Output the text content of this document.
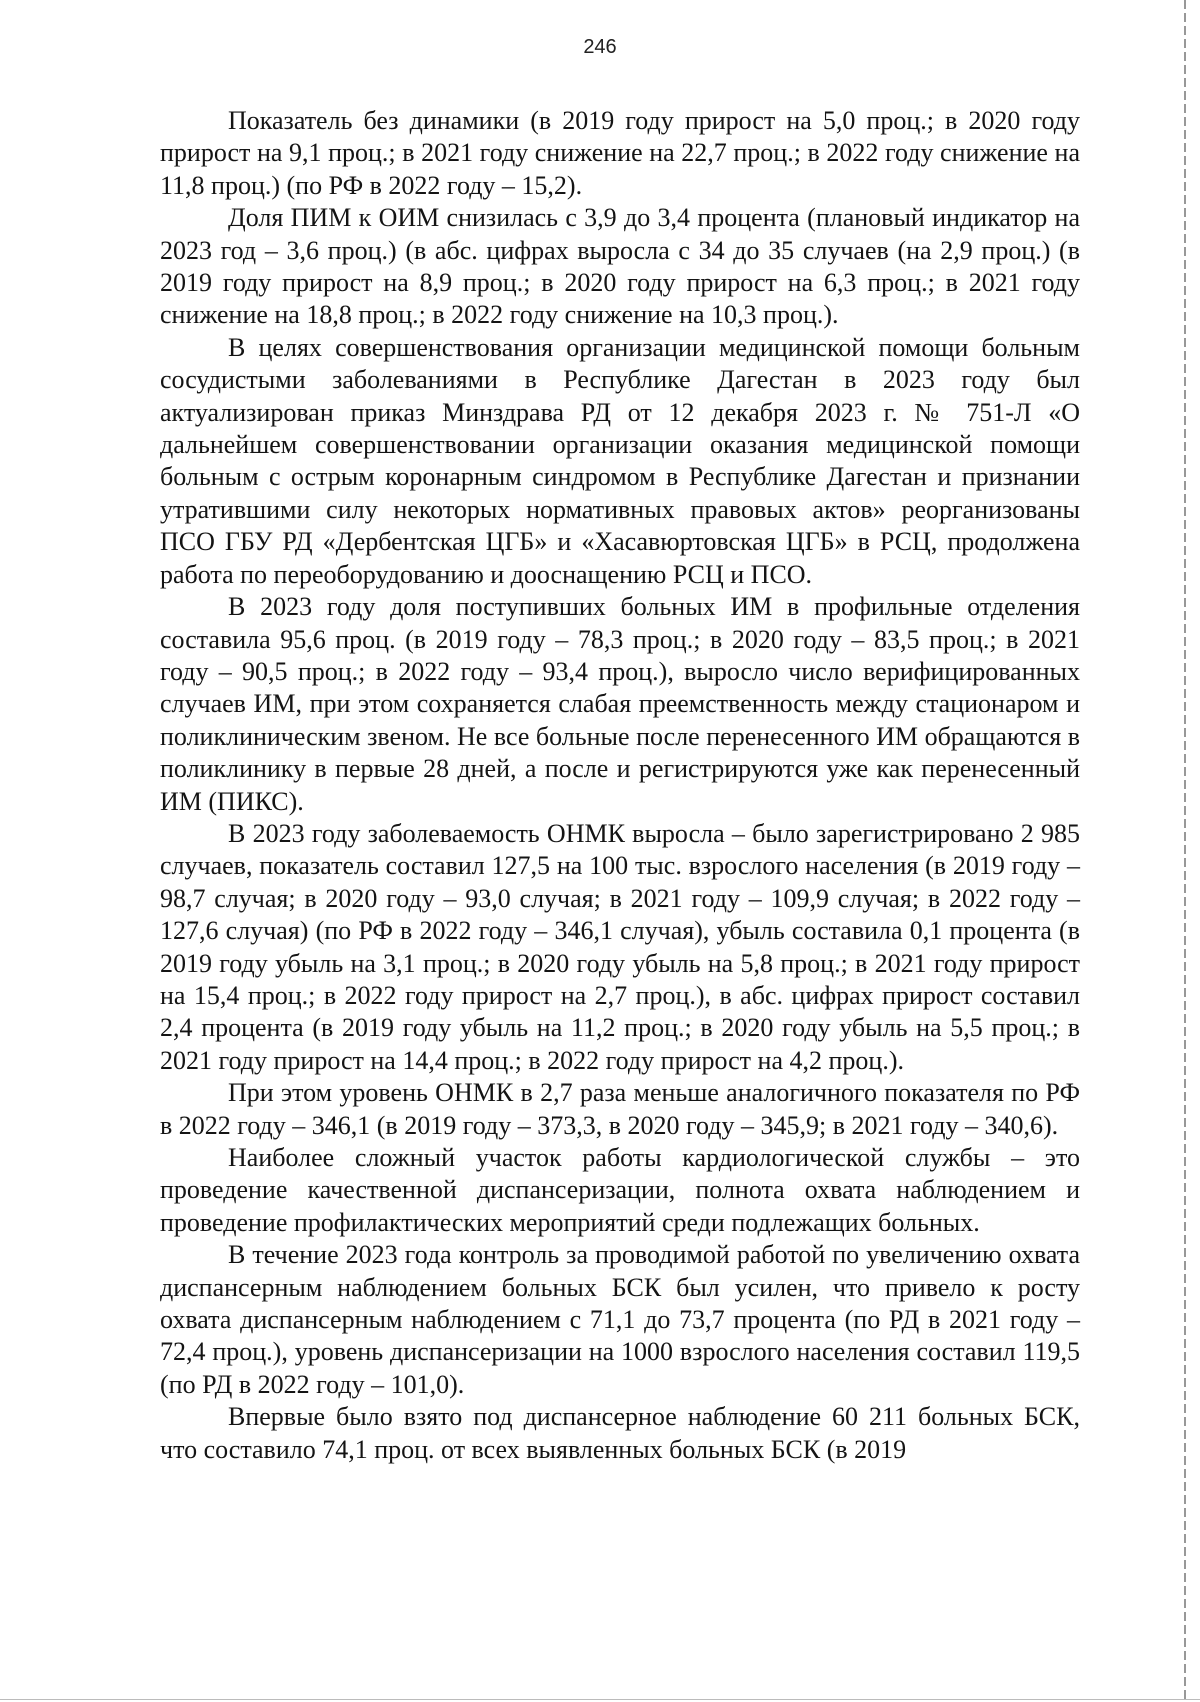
246

Показатель без динамики (в 2019 году прирост на 5,0 проц.; в 2020 году прирост на 9,1 проц.; в 2021 году снижение на 22,7 проц.; в 2022 году снижение на 11,8 проц.) (по РФ в 2022 году – 15,2).

Доля ПИМ к ОИМ снизилась с 3,9 до 3,4 процента (плановый индикатор на 2023 год – 3,6 проц.) (в абс. цифрах выросла с 34 до 35 случаев (на 2,9 проц.) (в 2019 году прирост на 8,9 проц.; в 2020 году прирост на 6,3 проц.; в 2021 году снижение на 18,8 проц.; в 2022 году снижение на 10,3 проц.).

В целях совершенствования организации медицинской помощи больным сосудистыми заболеваниями в Республике Дагестан в 2023 году был актуализирован приказ Минздрава РД от 12 декабря 2023 г. № 751-Л «О дальнейшем совершенствовании организации оказания медицинской помощи больным с острым коронарным синдромом в Республике Дагестан и признании утратившими силу некоторых нормативных правовых актов» реорганизованы ПСО ГБУ РД «Дербентская ЦГБ» и «Хасавюртовская ЦГБ» в РСЦ, продолжена работа по переоборудованию и дооснащению РСЦ и ПСО.

В 2023 году доля поступивших больных ИМ в профильные отделения составила 95,6 проц. (в 2019 году – 78,3 проц.; в 2020 году – 83,5 проц.; в 2021 году – 90,5 проц.; в 2022 году – 93,4 проц.), выросло число верифицированных случаев ИМ, при этом сохраняется слабая преемственность между стационаром и поликлиническим звеном. Не все больные после перенесенного ИМ обращаются в поликлинику в первые 28 дней, а после и регистрируются уже как перенесенный ИМ (ПИКС).

В 2023 году заболеваемость ОНМК выросла – было зарегистрировано 2 985 случаев, показатель составил 127,5 на 100 тыс. взрослого населения (в 2019 году – 98,7 случая; в 2020 году – 93,0 случая; в 2021 году – 109,9 случая; в 2022 году – 127,6 случая) (по РФ в 2022 году – 346,1 случая), убыль составила 0,1 процента (в 2019 году убыль на 3,1 проц.; в 2020 году убыль на 5,8 проц.; в 2021 году прирост на 15,4 проц.; в 2022 году прирост на 2,7 проц.), в абс. цифрах прирост составил 2,4 процента (в 2019 году убыль на 11,2 проц.; в 2020 году убыль на 5,5 проц.; в 2021 году прирост на 14,4 проц.; в 2022 году прирост на 4,2 проц.).

При этом уровень ОНМК в 2,7 раза меньше аналогичного показателя по РФ в 2022 году – 346,1 (в 2019 году – 373,3, в 2020 году – 345,9; в 2021 году – 340,6).

Наиболее сложный участок работы кардиологической службы – это проведение качественной диспансеризации, полнота охвата наблюдением и проведение профилактических мероприятий среди подлежащих больных.

В течение 2023 года контроль за проводимой работой по увеличению охвата диспансерным наблюдением больных БСК был усилен, что привело к росту охвата диспансерным наблюдением с 71,1 до 73,7 процента (по РД в 2021 году – 72,4 проц.), уровень диспансеризации на 1000 взрослого населения составил 119,5 (по РД в 2022 году – 101,0).

Впервые было взято под диспансерное наблюдение 60 211 больных БСК, что составило 74,1 проц. от всех выявленных больных БСК (в 2019
